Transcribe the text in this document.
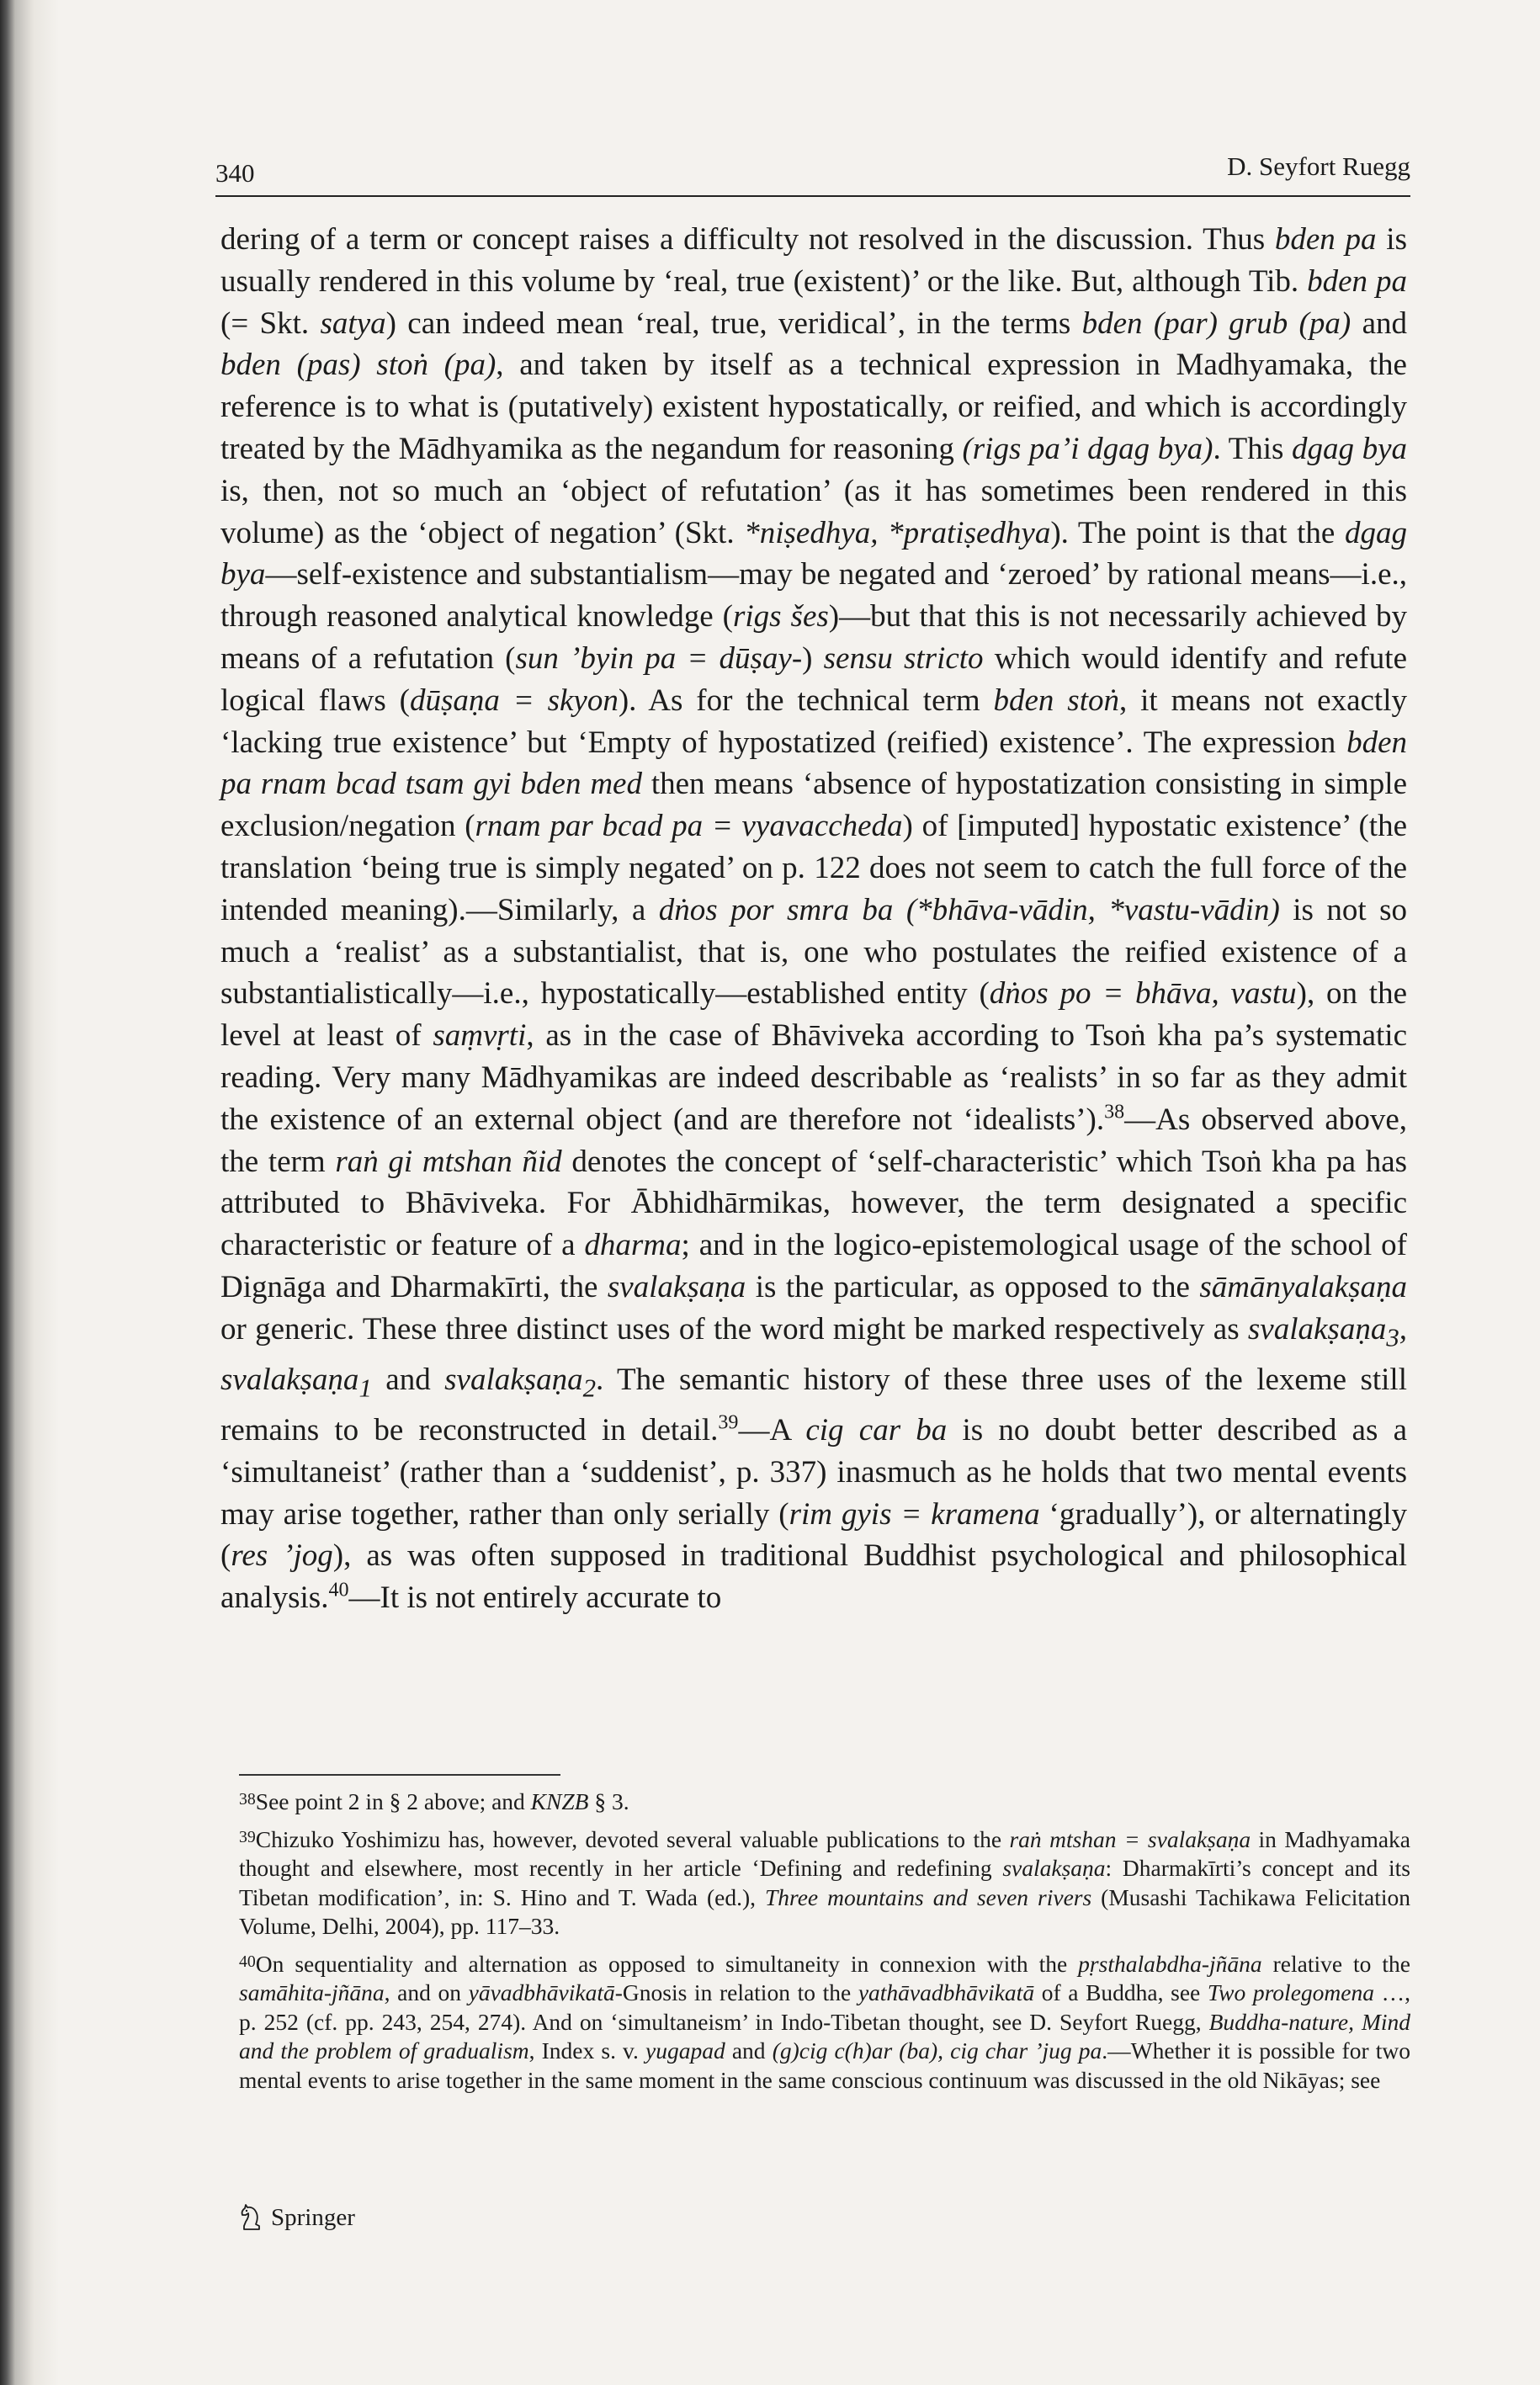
340	D. Seyfort Ruegg

dering of a term or concept raises a difficulty not resolved in the discussion. Thus bden pa is usually rendered in this volume by ‘real, true (existent)’ or the like. But, although Tib. bden pa (= Skt. satya) can indeed mean ‘real, true, veridical’, in the terms bden (par) grub (pa) and bden (pas) stoṅ (pa), and taken by itself as a technical expression in Madhyamaka, the reference is to what is (putatively) existent hypostatically, or reified, and which is accordingly treated by the Mādhyamika as the negandum for reasoning (rigs pa’i dgag bya). This dgag bya is, then, not so much an ‘object of refutation’ (as it has sometimes been rendered in this volume) as the ‘object of negation’ (Skt. *niṣedhya, *pratiṣedhya). The point is that the dgag bya—self-existence and substantialism—may be negated and ‘zeroed’ by rational means—i.e., through reasoned analytical knowledge (rigs šes)—but that this is not necessarily achieved by means of a refutation (sun ’byin pa = dūṣay-) sensu stricto which would identify and refute logical flaws (dūṣaṇa = skyon). As for the technical term bden stoṅ, it means not exactly ‘lacking true existence’ but ‘Empty of hypostatized (reified) existence’. The expression bden pa rnam bcad tsam gyi bden med then means ‘absence of hypostatization consisting in simple exclusion/negation (rnam par bcad pa = vyavaccheda) of [imputed] hypostatic existence’ (the translation ‘being true is simply negated’ on p. 122 does not seem to catch the full force of the intended meaning).—Similarly, a dṅos por smra ba (*bhāva-vādin, *vastu-vādin) is not so much a ‘realist’ as a substantialist, that is, one who postulates the reified existence of a substantialistically—i.e., hypostatically—established entity (dṅos po = bhāva, vastu), on the level at least of saṃvṛti, as in the case of Bhāviveka according to Tsoṅ kha pa’s systematic reading. Very many Mādhyamikas are indeed describable as ‘realists’ in so far as they admit the existence of an external object (and are therefore not ‘idealists’).$^{38}$—As observed above, the term raṅ gi mtshan ñid denotes the concept of ‘self-characteristic’ which Tsoṅ kha pa has attributed to Bhāviveka. For Ābhidhārmikas, however, the term designated a specific characteristic or feature of a dharma; and in the logico-epistemological usage of the school of Dignāga and Dharmakīrti, the svalakṣaṇa is the particular, as opposed to the sāmānyalakṣaṇa or generic. These three distinct uses of the word might be marked respectively as svalakṣaṇa$_3$, svalakṣaṇa$_1$ and svalakṣaṇa$_2$. The semantic history of these three uses of the lexeme still remains to be reconstructed in detail.$^{39}$—A cig car ba is no doubt better described as a ‘simultaneist’ (rather than a ‘suddenist’, p. 337) inasmuch as he holds that two mental events may arise together, rather than only serially (rim gyis = kramena ‘gradually’), or alternatingly (res ’jog), as was often supposed in traditional Buddhist psychological and philosophical analysis.$^{40}$—It is not entirely accurate to

$^{38}$See point 2 in § 2 above; and KNZB § 3.

$^{39}$Chizuko Yoshimizu has, however, devoted several valuable publications to the raṅ mtshan = svalakṣaṇa in Madhyamaka thought and elsewhere, most recently in her article ‘Defining and redefining svalakṣaṇa: Dharmakīrti’s concept and its Tibetan modification’, in: S. Hino and T. Wada (ed.), Three mountains and seven rivers (Musashi Tachikawa Felicitation Volume, Delhi, 2004), pp. 117–33.

$^{40}$On sequentiality and alternation as opposed to simultaneity in connexion with the pṛsthalabdha-jñāna relative to the samāhita-jñāna, and on yāvadbhāvikatā-Gnosis in relation to the yathāvadbhāvikatā of a Buddha, see Two prolegomena …, p. 252 (cf. pp. 243, 254, 274). And on ‘simultaneism’ in Indo-Tibetan thought, see D. Seyfort Ruegg, Buddha-nature, Mind and the problem of gradualism, Index s. v. yugapad and (g)cig c(h)ar (ba), cig char ’jug pa.—Whether it is possible for two mental events to arise together in the same moment in the same conscious continuum was discussed in the old Nikāyas; see

Springer
